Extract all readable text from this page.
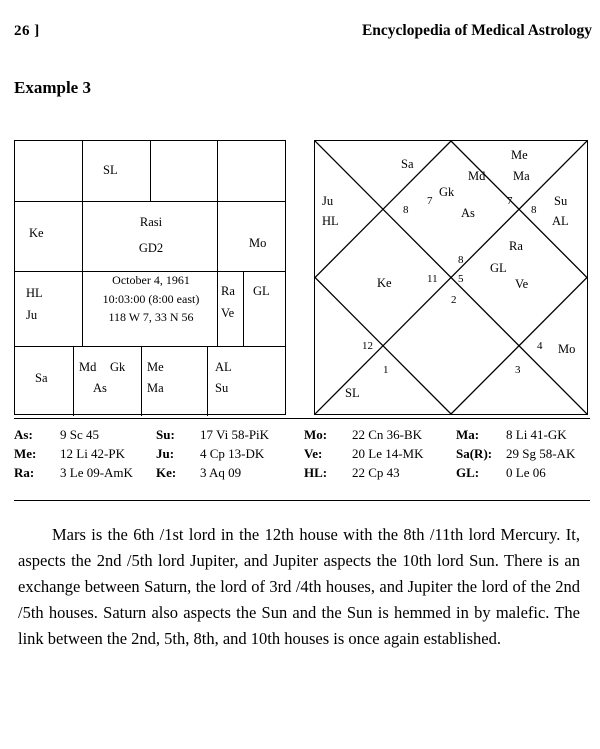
26 ]	Encyclopedia of Medical Astrology
Example 3
SL
Ke
HL
Ju
Mo
Ra GL
Ve
Sa
Md Gk
As
Me
Ma
AL
Su
Rasi
GD2
October 4, 1961
10:03:00 (8:00 east)
118 W 7, 33 N 56
Sa
Md
Me
Ma
Gk
As
Ju
HL
Su
AL
Ra
GL
Ve
Ke
Mo
SL
7
8
7
8
8
11 5
2
12
1	3
4
As:	9 Sc 45	Su:	17 Vi 58-PiK	Mo:	22 Cn 36-BK	Ma:	8 Li 41-GK
Me:	12 Li 42-PK	Ju:	4 Cp 13-DK	Ve:	20 Le 14-MK	Sa(R):	29 Sg 58-AK
Ra:	3 Le 09-AmK	Ke:	3 Aq 09	HL:	22 Cp 43	GL:	0 Le 06
Mars is the 6th /1st lord in the 12th house with the 8th /11th lord Mercury. It, aspects the 2nd /5th lord Jupiter, and Jupiter aspects the 10th lord Sun. There is an exchange between Saturn, the lord of 3rd /4th houses, and Jupiter the lord of the 2nd /5th houses. Saturn also aspects the Sun and the Sun is hemmed in by malefic. The link between the 2nd, 5th, 8th, and 10th houses is once again established.
